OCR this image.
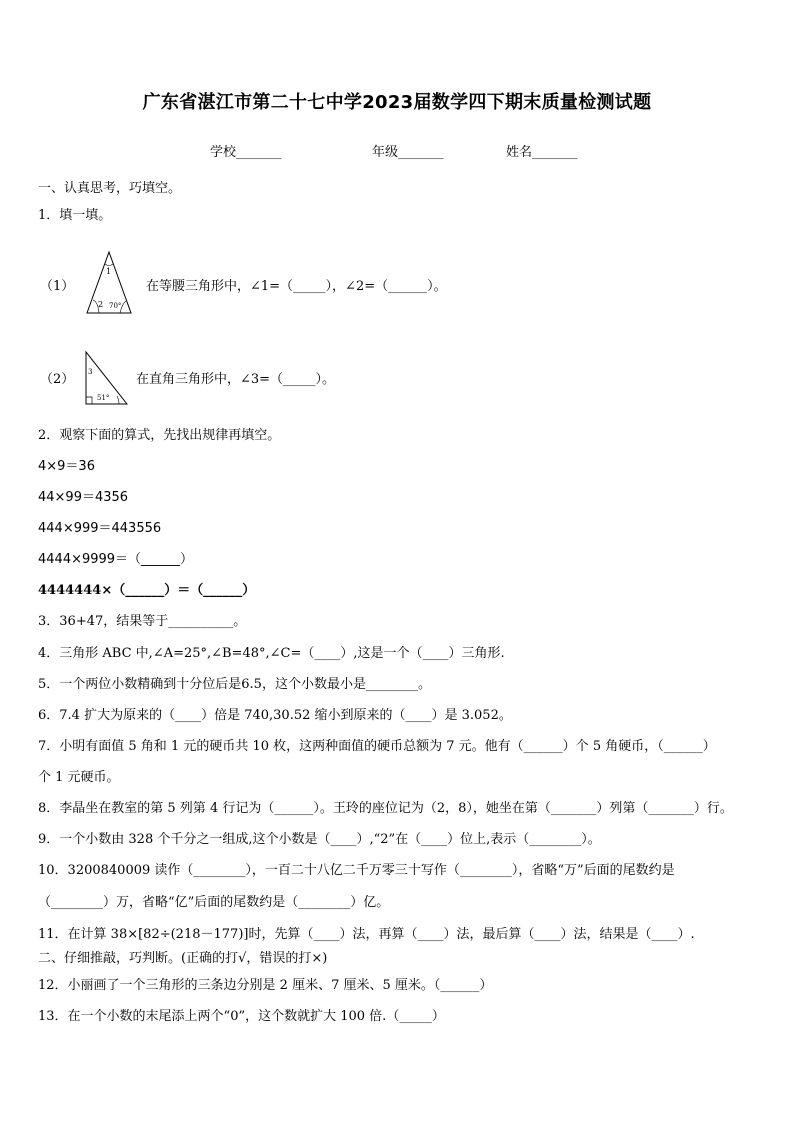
广东省湛江市第二十七中学2023届数学四下期末质量检测试题
学校_______	年级_______	姓名_______
一、认真思考，巧填空。
1．填一填。
（1）
1
2 70°
在等腰三角形中，∠1=（_____），∠2=（______）。
（2） 3
51°
在直角三角形中，∠3=（_____）。
2．观察下面的算式，先找出规律再填空。
4×9＝36
44×99＝4356
444×999＝443556
4444×9999＝（______）
4444444×（______）＝（______）
3．36+47，结果等于__________。
4．三角形 ABC 中,∠A=25°,∠B=48°,∠C=（____）,这是一个（____）三角形.
5．一个两位小数精确到十分位后是6.5，这个小数最小是________。
6．7.4 扩大为原来的（____）倍是 740,30.52 缩小到原来的（____）是 3.052。
7．小明有面值 5 角和 1 元的硬币共 10 枚，这两种面值的硬币总额为 7 元。他有（______）个 5 角硬币，（______）
个 1 元硬币。
8．李晶坐在教室的第 5 列第 4 行记为（______）。王玲的座位记为（2，8），她坐在第（_______）列第（_______）行。
9．一个小数由 328 个千分之一组成,这个小数是（____）,“2”在（____）位上,表示（________）。
10．3200840009 读作（________），一百二十八亿二千万零三十写作（________），省略“万”后面的尾数约是
（________）万，省略“亿”后面的尾数约是（________）亿。
11．在计算 38×[82÷(218－177)]时，先算（____）法，再算（____）法，最后算（____）法，结果是（____）.
二、仔细推敲，巧判断。(正确的打√，错误的打×)
12．小丽画了一个三角形的三条边分别是 2 厘米、7 厘米、5 厘米。（______）
13．在一个小数的末尾添上两个“0”，这个数就扩大 100 倍.（_____）
